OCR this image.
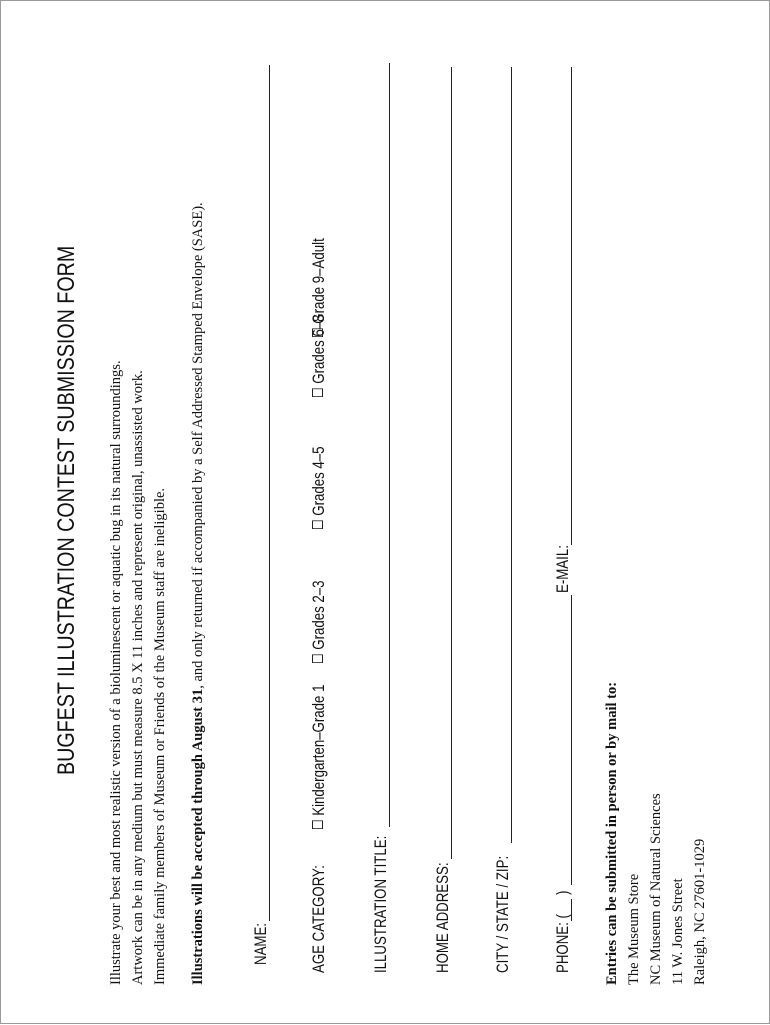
BUGFEST ILLUSTRATION CONTEST SUBMISSION FORM Illustrate your best and most realistic version of a bioluminescent or aquatic bug in its natural surroundings. Artwork can be in any medium but must measure 8.5 X 11 inches and represent original, unassisted work. Immediate family members of Museum or Friends of the Museum staff are ineligible. Illustrations will be accepted through August 31, and only returned if accompanied by a Self Addressed Stamped Envelope (SASE).
NAME: AGE CATEGORY:
Kindergarten–Grade 1
Grades 2–3
Grades 4–5
Grades 6–8
Grade 9–Adult
ILLUSTRATION TITLE:	HOME ADDRESS: CITY / STATE / ZIP: PHONE: (
)
E-MAIL:
Entries can be submitted in person or by mail to: The Museum Store NC Museum of Natural Sciences 11 W. Jones Street Raleigh, NC 27601-1029
